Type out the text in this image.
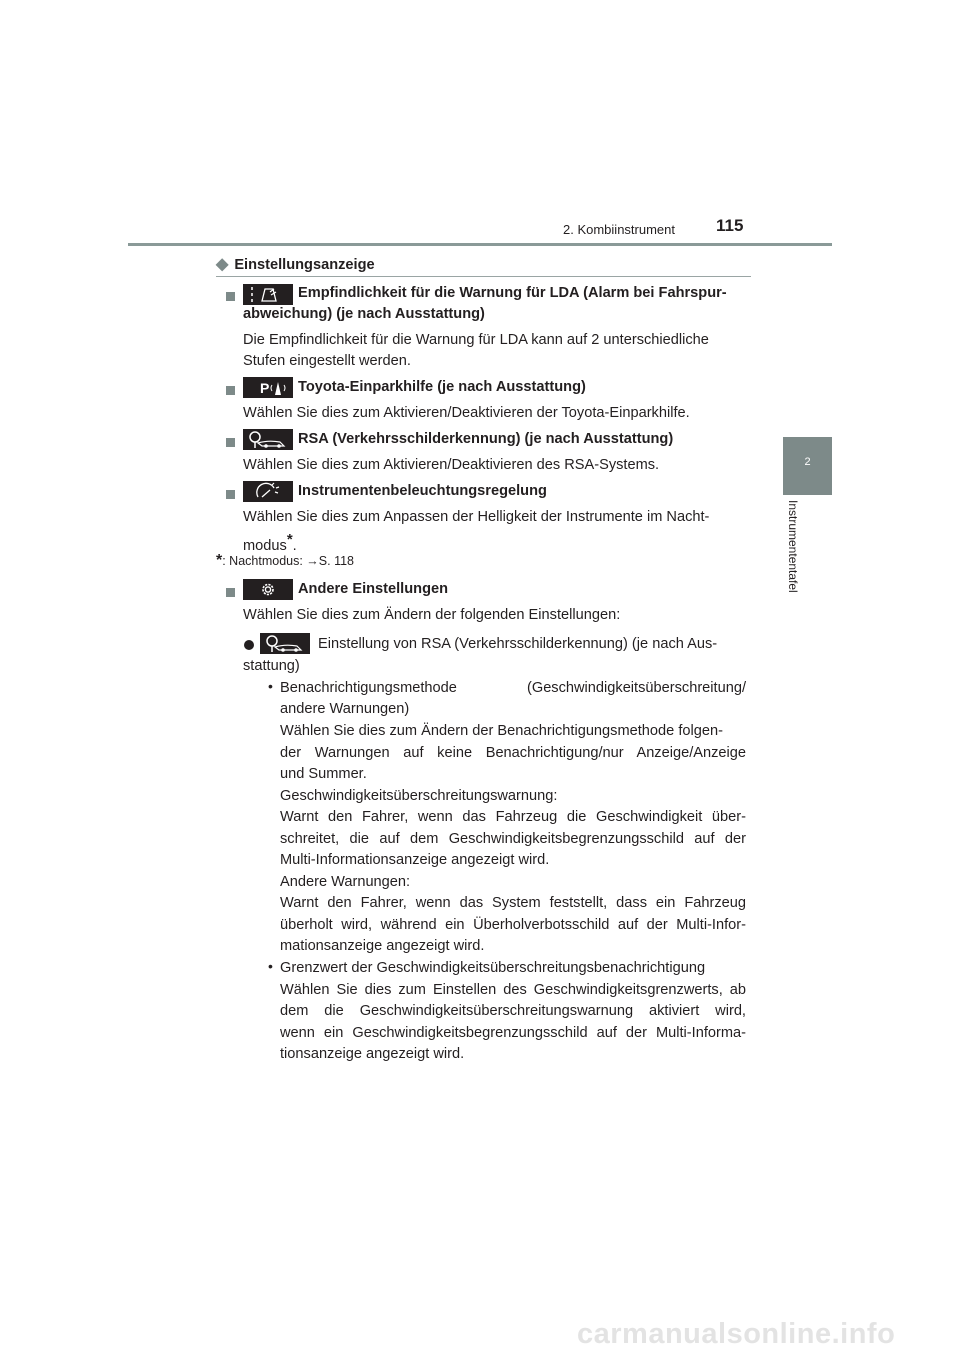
2. Kombiinstrument 115
2
Instrumententafel
◆ Einstellungsanzeige
Empfindlichkeit für die Warnung für LDA (Alarm bei Fahrspur-
abweichung) (je nach Ausstattung)
Die Empfindlichkeit für die Warnung für LDA kann auf 2 unterschiedliche
Stufen eingestellt werden.
P Toyota-Einparkhilfe (je nach Ausstattung)
Wählen Sie dies zum Aktivieren/Deaktivieren der Toyota-Einparkhilfe.
RSA (Verkehrsschilderkennung) (je nach Ausstattung)
Wählen Sie dies zum Aktivieren/Deaktivieren des RSA-Systems.
Instrumentenbeleuchtungsregelung
Wählen Sie dies zum Anpassen der Helligkeit der Instrumente im Nacht-
modus*.
*: Nachtmodus: →S. 118
Andere Einstellungen
Wählen Sie dies zum Ändern der folgenden Einstellungen:
Einstellung von RSA (Verkehrsschilderkennung) (je nach Aus-
stattung)
• Benachrichtigungsmethode (Geschwindigkeitsüberschreitung/
andere Warnungen)
Wählen Sie dies zum Ändern der Benachrichtigungsmethode folgen-
der Warnungen auf keine Benachrichtigung/nur Anzeige/Anzeige
und Summer.
Geschwindigkeitsüberschreitungswarnung:
Warnt den Fahrer, wenn das Fahrzeug die Geschwindigkeit über-
schreitet, die auf dem Geschwindigkeitsbegrenzungsschild auf der
Multi-Informationsanzeige angezeigt wird.
Andere Warnungen:
Warnt den Fahrer, wenn das System feststellt, dass ein Fahrzeug
überholt wird, während ein Überholverbotsschild auf der Multi-Infor-
mationsanzeige angezeigt wird.
• Grenzwert der Geschwindigkeitsüberschreitungsbenachrichtigung
Wählen Sie dies zum Einstellen des Geschwindigkeitsgrenzwerts, ab
dem die Geschwindigkeitsüberschreitungswarnung aktiviert wird,
wenn ein Geschwindigkeitsbegrenzungsschild auf der Multi-Informa-
tionsanzeige angezeigt wird.
carmanualsonline.info
